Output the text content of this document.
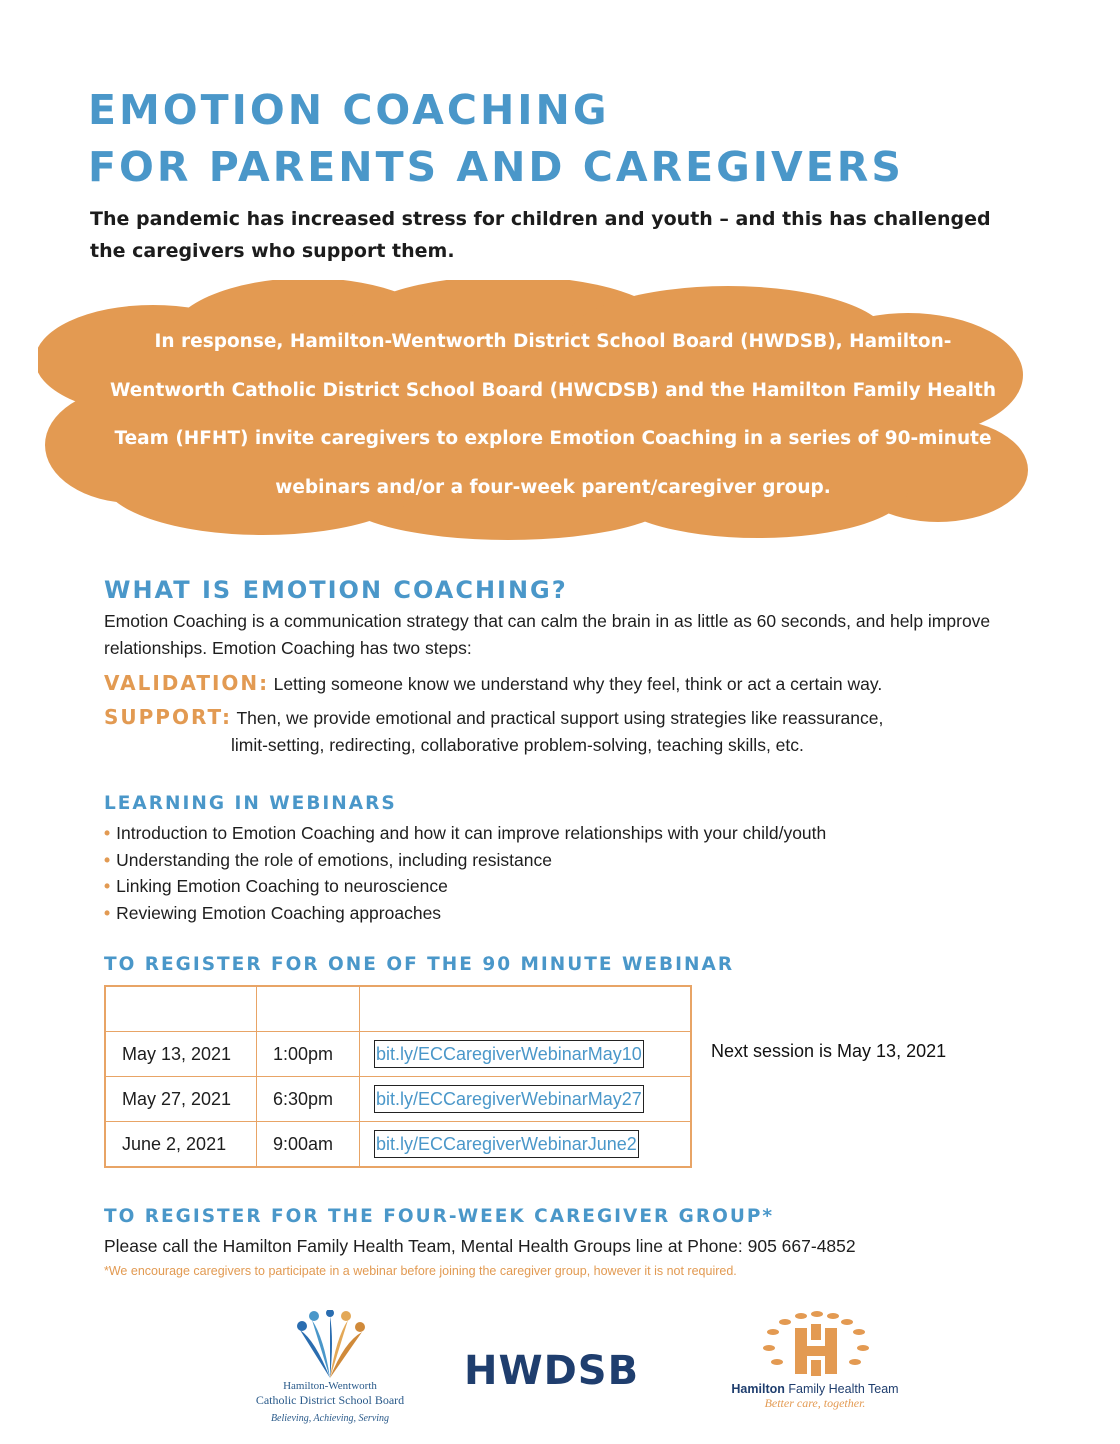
EMOTION COACHING
FOR PARENTS AND CAREGIVERS

The pandemic has increased stress for children and youth – and this has challenged the caregivers who support them.

In response, Hamilton-Wentworth District School Board (HWDSB), Hamilton-Wentworth Catholic District School Board (HWCDSB) and the Hamilton Family Health Team (HFHT) invite caregivers to explore Emotion Coaching in a series of 90-minute webinars and/or a four-week parent/caregiver group.

WHAT IS EMOTION COACHING?

Emotion Coaching is a communication strategy that can calm the brain in as little as 60 seconds, and help improve relationships. Emotion Coaching has two steps:

VALIDATION: Letting someone know we understand why they feel, think or act a certain way.
SUPPORT: Then, we provide emotional and practical support using strategies like reassurance,
limit-setting, redirecting, collaborative problem-solving, teaching skills, etc.
LEARNING IN WEBINARS
• Introduction to Emotion Coaching and how it can improve relationships with your child/youth
• Understanding the role of emotions, including resistance
• Linking Emotion Coaching to neuroscience
• Reviewing Emotion Coaching approaches
TO REGISTER FOR ONE OF THE 90 MINUTE WEBINAR

May 13, 2021	1:00pm	bit.ly/ECCaregiverWebinarMay10
May 27, 2021	6:30pm	bit.ly/ECCaregiverWebinarMay27
June 2, 2021	9:00am	bit.ly/ECCaregiverWebinarJune2
Next session is May 13, 2021
TO REGISTER FOR THE FOUR-WEEK CAREGIVER GROUP*
Please call the Hamilton Family Health Team, Mental Health Groups line at Phone: 905 667-4852
*We encourage caregivers to participate in a webinar before joining the caregiver group, however it is not required.
Hamilton-Wentworth
Catholic District School Board
Believing, Achieving, Serving
HWDSB	Hamilton Family Health Team
Better care, together.
